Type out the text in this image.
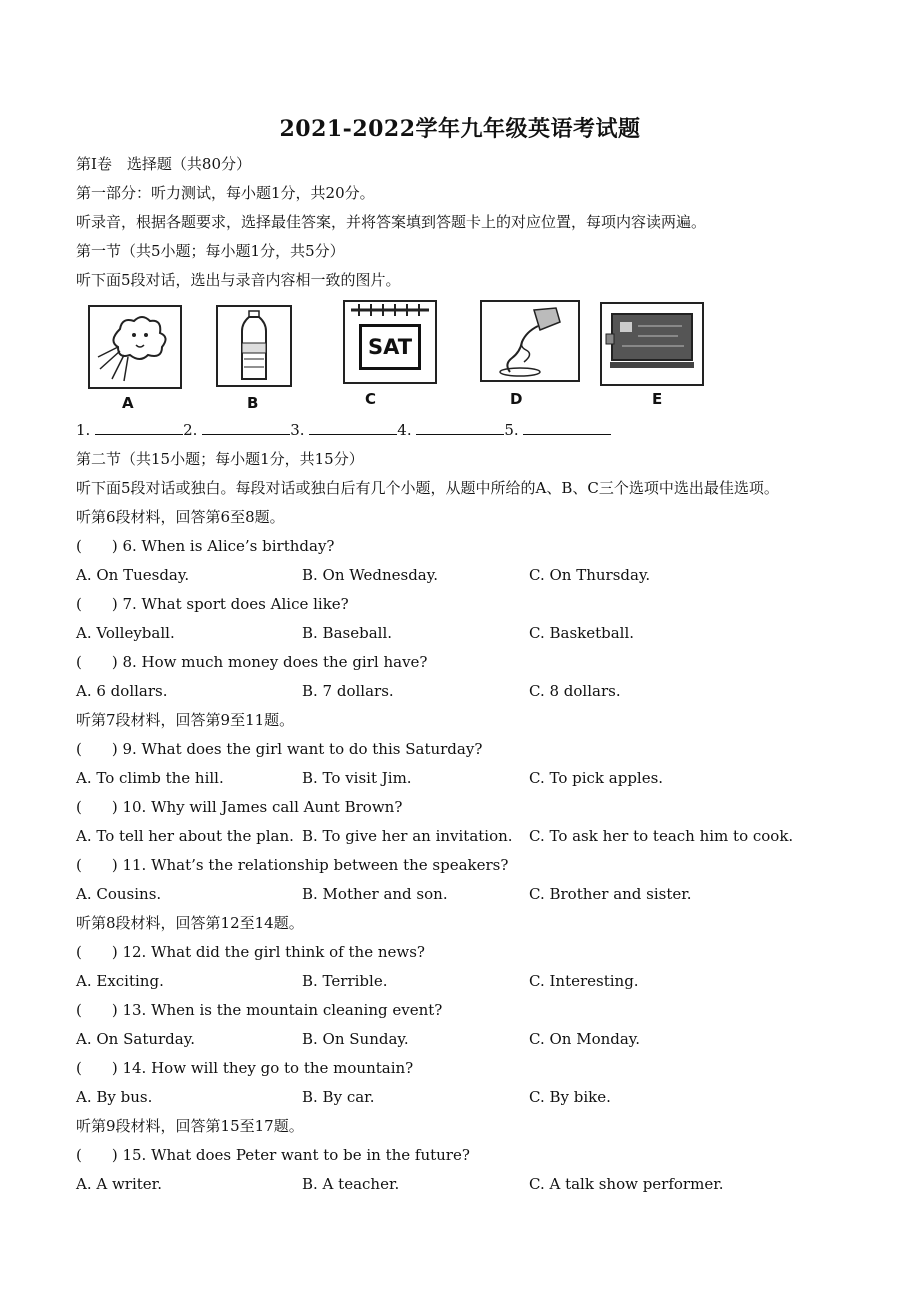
2021-2022学年九年级英语考试题
第Ⅰ卷　选择题（共80分）
第一部分：听力测试，每小题1分，共20分。
听录音，根据各题要求，选择最佳答案，并将答案填到答题卡上的对应位置，每项内容读两遍。
第一节（共5小题；每小题1分，共5分）
听下面5段对话，选出与录音内容相一致的图片。
A	B
SAT
C	D	E
1.	2.	3.	4.	5.
第二节（共15小题；每小题1分，共15分）
听下面5段对话或独白。每段对话或独白后有几个小题，从题中所给的A、B、C三个选项中选出最佳选项。
听第6段材料，回答第6至8题。
(　　) 6. When is Alice’s birthday?
A. On Tuesday.	B. On Wednesday.	C. On Thursday.
(　　) 7. What sport does Alice like?
A. Volleyball.	B. Baseball.	C. Basketball.
(　　) 8. How much money does the girl have?
A. 6 dollars.	B. 7 dollars.	C. 8 dollars.
听第7段材料，回答第9至11题。
(　　) 9. What does the girl want to do this Saturday?
A. To climb the hill.	B. To visit Jim.	C. To pick apples.
(　　) 10. Why will James call Aunt Brown?
A. To tell her about the plan. B. To give her an invitation. C. To ask her to teach him to cook.
(　　) 11. What’s the relationship between the speakers?
A. Cousins.	B. Mother and son.	C. Brother and sister.
听第8段材料，回答第12至14题。
(　　) 12. What did the girl think of the news?
A. Exciting.	B. Terrible.	C. Interesting.
(　　) 13. When is the mountain cleaning event?
A. On Saturday.	B. On Sunday.	C. On Monday.
(　　) 14. How will they go to the mountain?
A. By bus.	B. By car.	C. By bike.
听第9段材料，回答第15至17题。
(　　) 15. What does Peter want to be in the future?
A. A writer.	B. A teacher.	C. A talk show performer.
